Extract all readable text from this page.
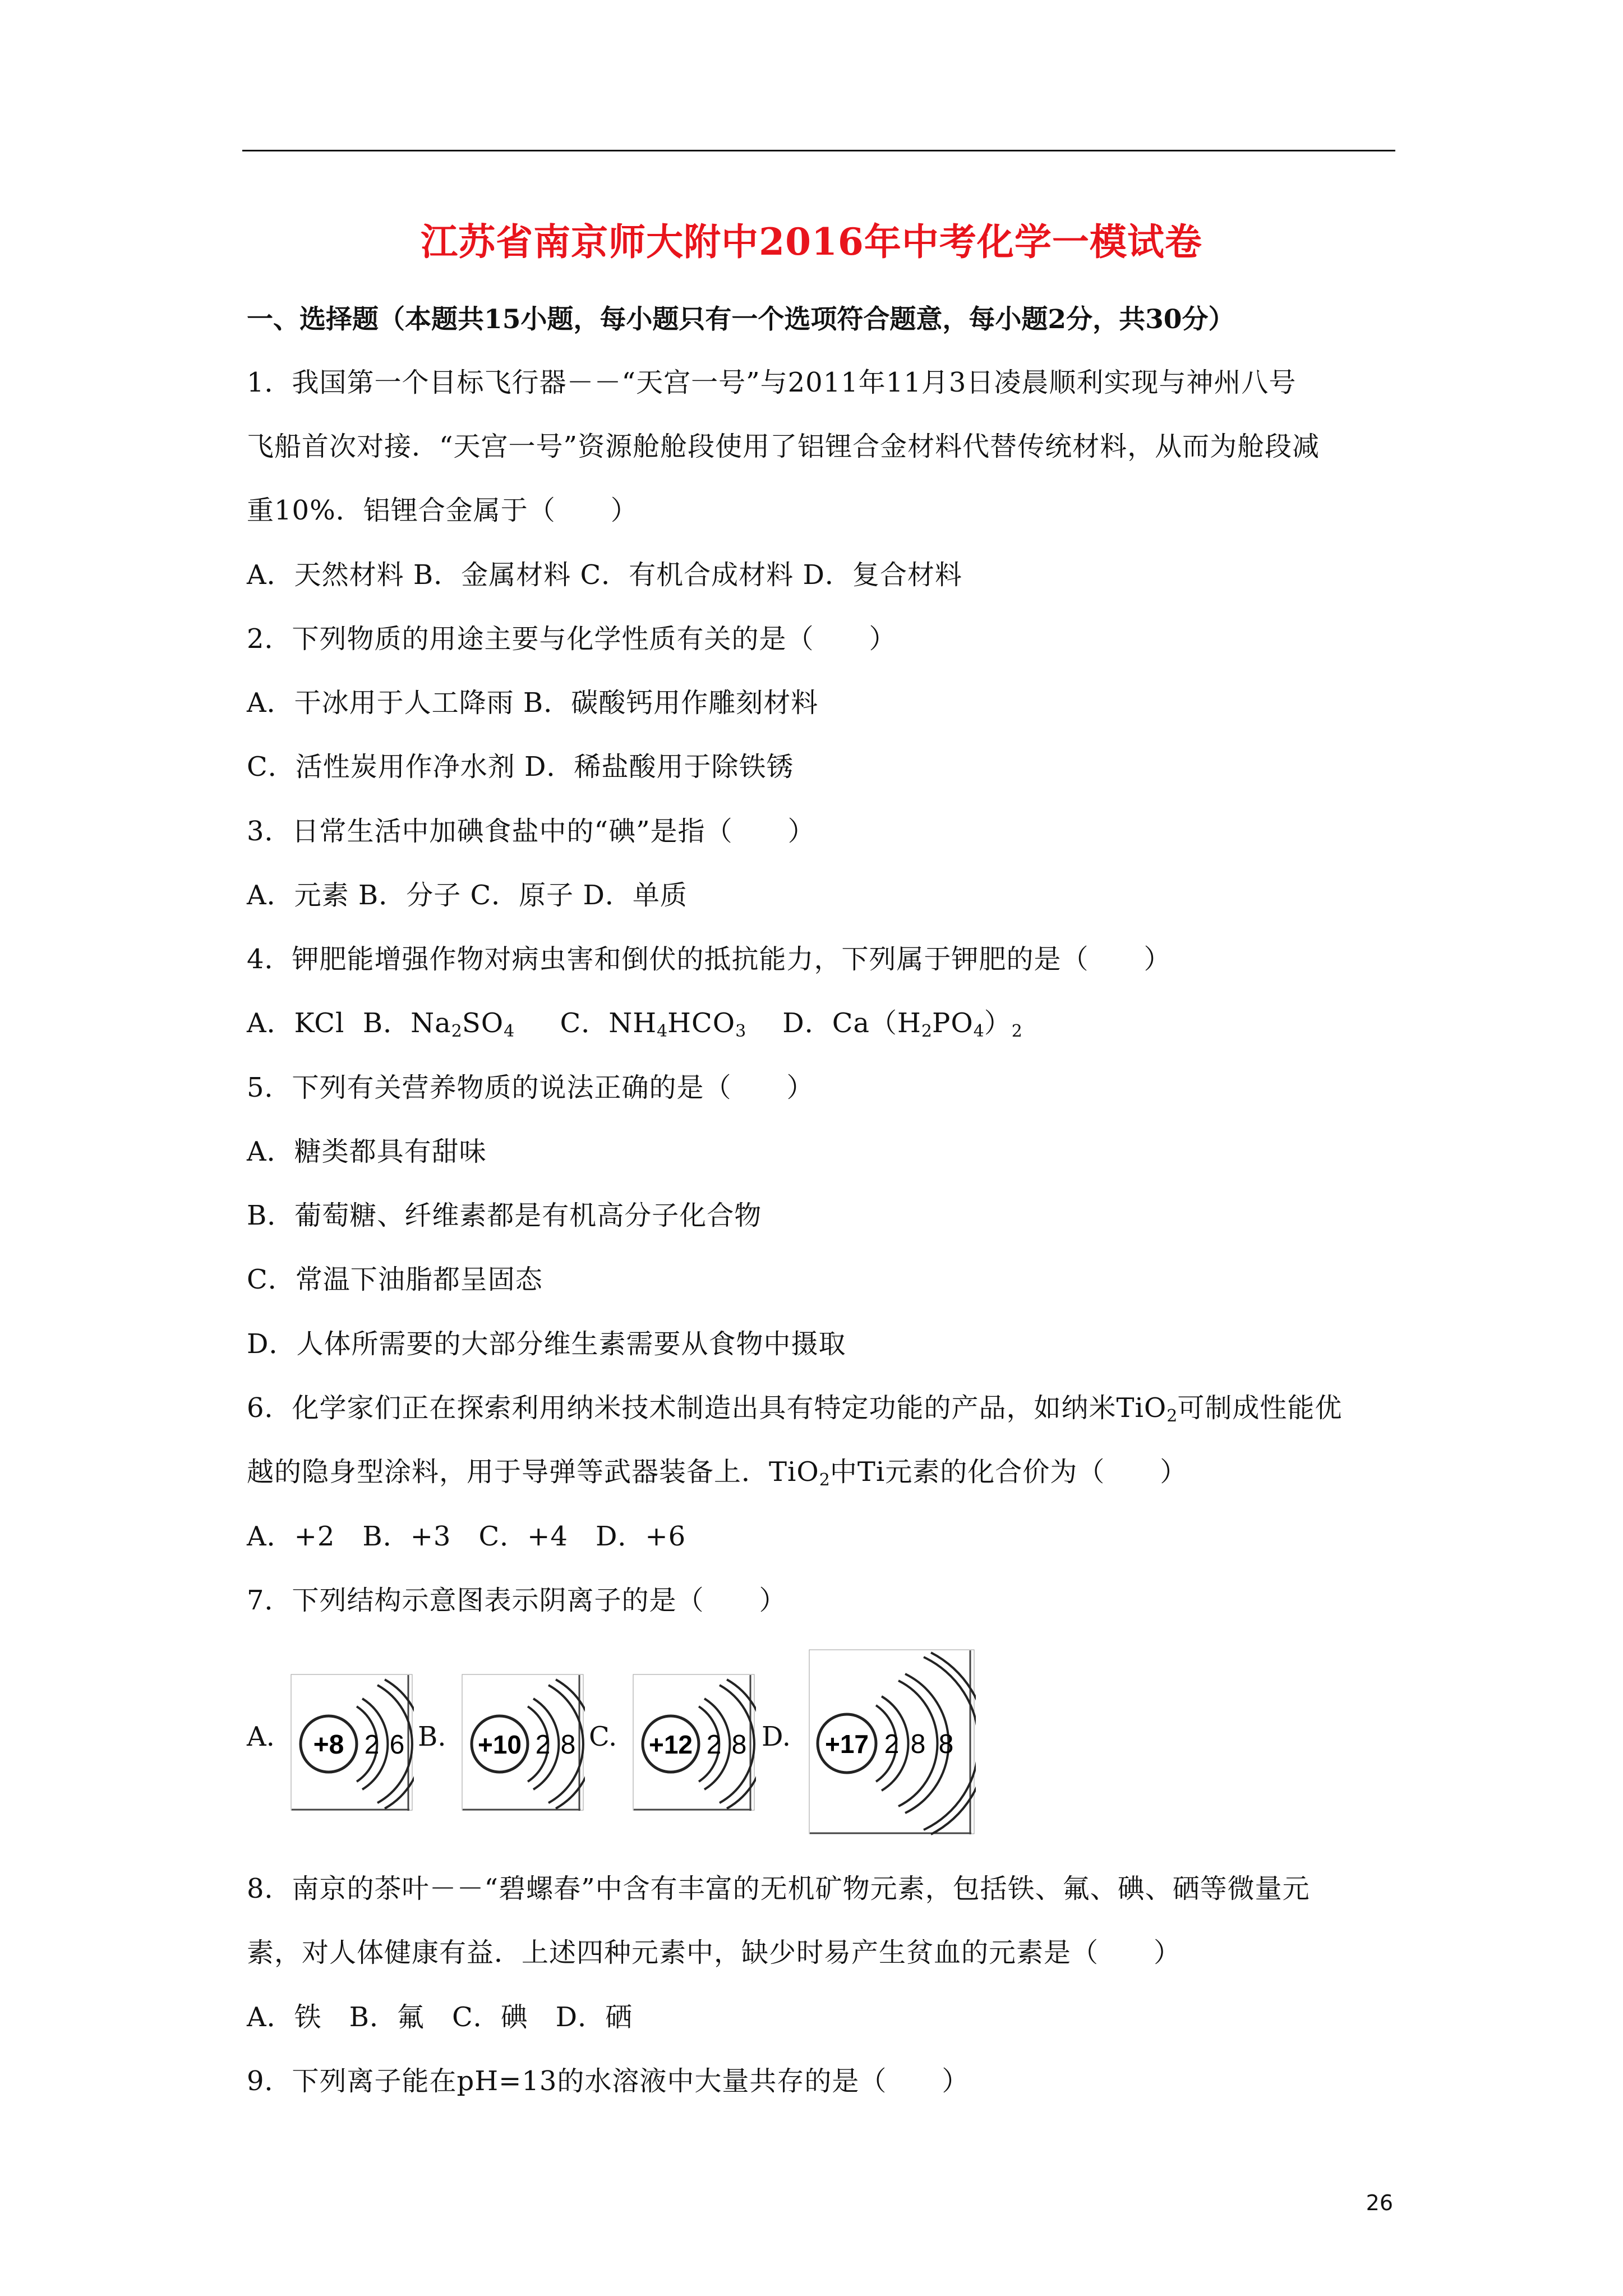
江苏省南京师大附中2016年中考化学一模试卷
一、选择题（本题共15小题，每小题只有一个选项符合题意，每小题2分，共30分）
1．我国第一个目标飞行器－－“天宫一号”与2011年11月3日凌晨顺利实现与神州八号
飞船首次对接．“天宫一号”资源舱舱段使用了铝锂合金材料代替传统材料，从而为舱段减
重10%．铝锂合金属于（　　）
A．天然材料 B．金属材料 C．有机合成材料 D．复合材料
2．下列物质的用途主要与化学性质有关的是（　　）
A．干冰用于人工降雨 B．碳酸钙用作雕刻材料
C．活性炭用作净水剂 D．稀盐酸用于除铁锈
3．日常生活中加碘食盐中的“碘”是指（　　）
A．元素 B．分子 C．原子 D．单质
4．钾肥能增强作物对病虫害和倒伏的抵抗能力，下列属于钾肥的是（　　）
A．KCl B．$Na_2SO_4$ C．$NH_4HCO_3$ D．$Ca(H_2PO_4)_2$
5．下列有关营养物质的说法正确的是（　　）
A．糖类都具有甜味
B．葡萄糖、纤维素都是有机高分子化合物
C．常温下油脂都呈固态
D．人体所需要的大部分维生素需要从食物中摄取
6．化学家们正在探索利用纳米技术制造出具有特定功能的产品，如纳米TiO$_2$可制成性能优
越的隐身型涂料，用于导弹等武器装备上．TiO$_2$中Ti元素的化合价为（　　）
A．+2　B．+3　C．+4　D．+6
7．下列结构示意图表示阴离子的是（　　）
A. +8 2 6 B. +10 2 8 C. +12 2 8 D. +17 2 8 8
8．南京的茶叶－－“碧螺春”中含有丰富的无机矿物元素，包括铁、氟、碘、硒等微量元
素，对人体健康有益．上述四种元素中，缺少时易产生贫血的元素是（　　）
A．铁　B．氟　C．碘　D．硒
9．下列离子能在pH=13的水溶液中大量共存的是（　　）
26
